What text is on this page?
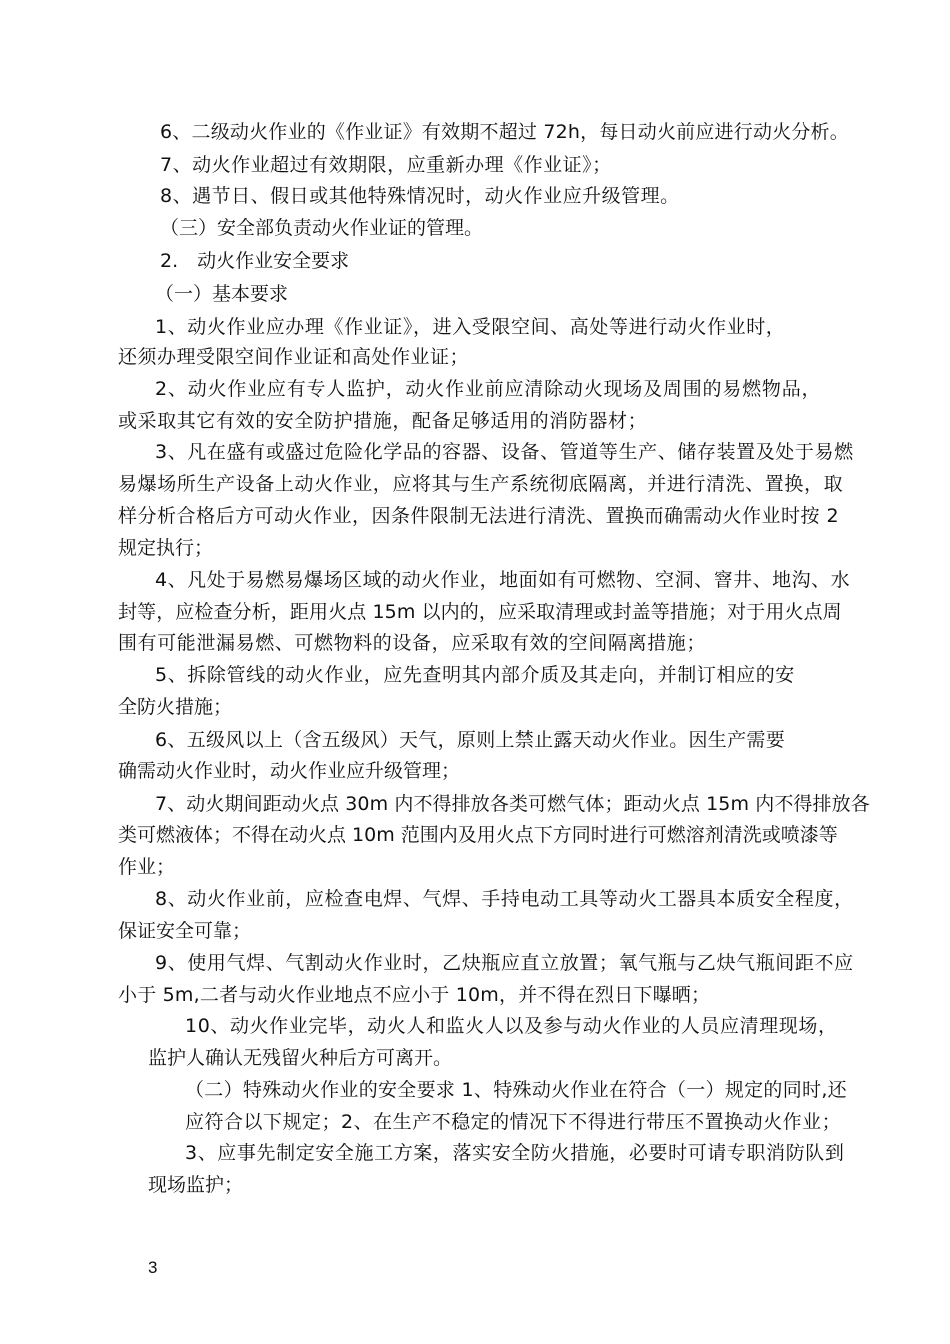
6、二级动火作业的《作业证》有效期不超过 72h，每日动火前应进行动火分析。
7、动火作业超过有效期限，应重新办理《作业证》；
8、遇节日、假日或其他特殊情况时，动火作业应升级管理。
（三）安全部负责动火作业证的管理。
2.　动火作业安全要求
（一）基本要求
1、动火作业应办理《作业证》，进入受限空间、高处等进行动火作业时，
还须办理受限空间作业证和高处作业证；
2、动火作业应有专人监护，动火作业前应清除动火现场及周围的易燃物品，
或采取其它有效的安全防护措施，配备足够适用的消防器材；
3、凡在盛有或盛过危险化学品的容器、设备、管道等生产、储存装置及处于易燃
易爆场所生产设备上动火作业，应将其与生产系统彻底隔离，并进行清洗、置换，取
样分析合格后方可动火作业，因条件限制无法进行清洗、置换而确需动火作业时按 2
规定执行；
4、凡处于易燃易爆场区域的动火作业，地面如有可燃物、空洞、窨井、地沟、水
封等，应检查分析，距用火点 15m 以内的，应采取清理或封盖等措施；对于用火点周
围有可能泄漏易燃、可燃物料的设备，应采取有效的空间隔离措施；
5、拆除管线的动火作业，应先查明其内部介质及其走向，并制订相应的安
全防火措施；
6、五级风以上（含五级风）天气，原则上禁止露天动火作业。因生产需要
确需动火作业时，动火作业应升级管理；
7、动火期间距动火点 30m 内不得排放各类可燃气体；距动火点 15m 内不得排放各
类可燃液体；不得在动火点 10m 范围内及用火点下方同时进行可燃溶剂清洗或喷漆等
作业；
8、动火作业前，应检查电焊、气焊、手持电动工具等动火工器具本质安全程度，
保证安全可靠；
9、使用气焊、气割动火作业时，乙炔瓶应直立放置；氧气瓶与乙炔气瓶间距不应
小于 5m,二者与动火作业地点不应小于 10m，并不得在烈日下曝晒；
10、动火作业完毕，动火人和监火人以及参与动火作业的人员应清理现场，
监护人确认无残留火种后方可离开。
（二）特殊动火作业的安全要求 1、特殊动火作业在符合（一）规定的同时,还
应符合以下规定；2、在生产不稳定的情况下不得进行带压不置换动火作业；
3、应事先制定安全施工方案，落实安全防火措施，必要时可请专职消防队到
现场监护；
3
